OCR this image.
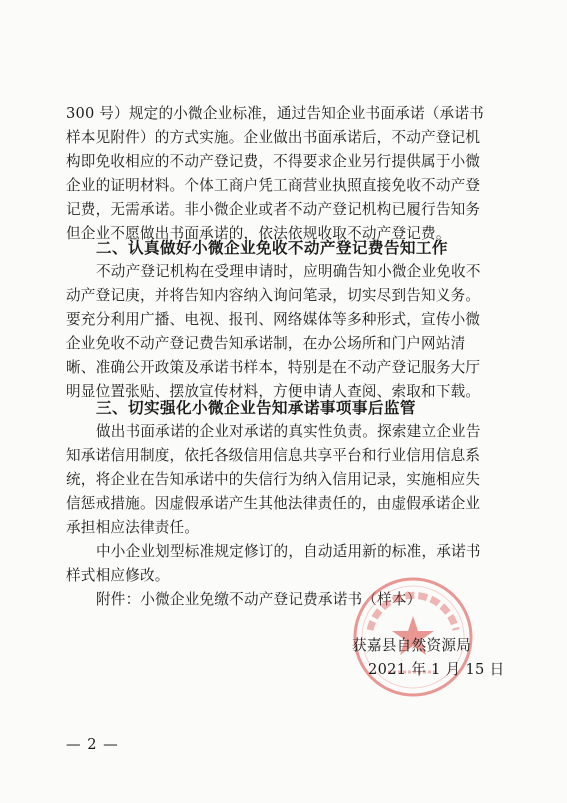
300 号）规定的小微企业标准，通过告知企业书面承诺（承诺书
样本见附件）的方式实施。企业做出书面承诺后，不动产登记机
构即免收相应的不动产登记费，不得要求企业另行提供属于小微
企业的证明材料。个体工商户凭工商营业执照直接免收不动产登
记费，无需承诺。非小微企业或者不动产登记机构已履行告知务
但企业不愿做出书面承诺的，依法依规收取不动产登记费。
二、认真做好小微企业免收不动产登记费告知工作
不动产登记机构在受理申请时，应明确告知小微企业免收不
动产登记庚，并将告知内容纳入询问笔录，切实尽到告知义务。
要充分利用广播、电视、报刊、网络媒体等多种形式，宣传小微
企业免收不动产登记费告知承诺制，在办公场所和门户网站清
晰、准确公开政策及承诺书样本，特别是在不动产登记服务大厅
明显位置张贴、摆放宣传材料，方便申请人查阅、索取和下载。
三、切实强化小微企业告知承诺事项事后监管
做出书面承诺的企业对承诺的真实性负责。探索建立企业告
知承诺信用制度，依托各级信用信息共享平台和行业信用信息系
统，将企业在告知承诺中的失信行为纳入信用记录，实施相应失
信惩戒措施。因虚假承诺产生其他法律责任的，由虚假承诺企业
承担相应法律责任。
中小企业划型标准规定修订的，自动适用新的标准，承诺书
样式相应修改。
附件：小微企业免缴不动产登记费承诺书（样本）
获嘉县自然资源局
2021 年 1 月 15 日
— 2 —
